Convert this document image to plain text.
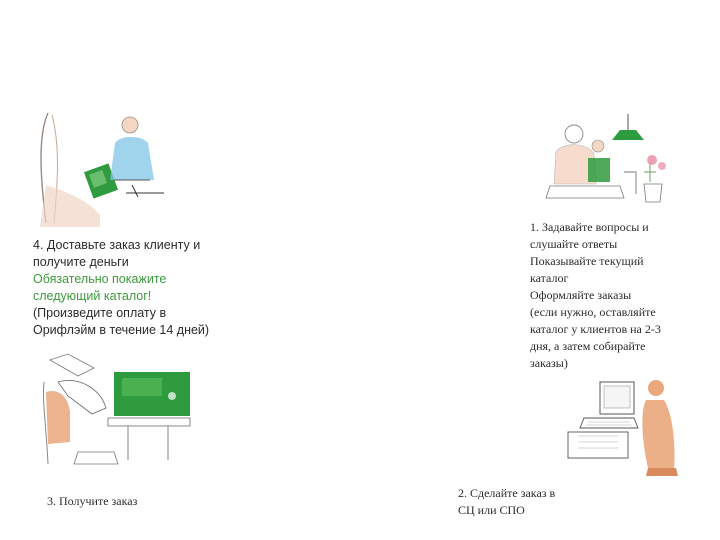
4. Доставьте заказ клиенту и
получите деньги
Обязательно покажите
следующий каталог!
(Произведите оплату в
Орифлэйм в течение 14 дней)
1. Задавайте вопросы и
слушайте ответы
Показывайте текущий
каталог
Оформляйте заказы
(если нужно, оставляйте
каталог у клиентов на 2-3
дня, а затем собирайте
заказы)
3. Получите заказ
2. Сделайте заказ в
СЦ или СПО
